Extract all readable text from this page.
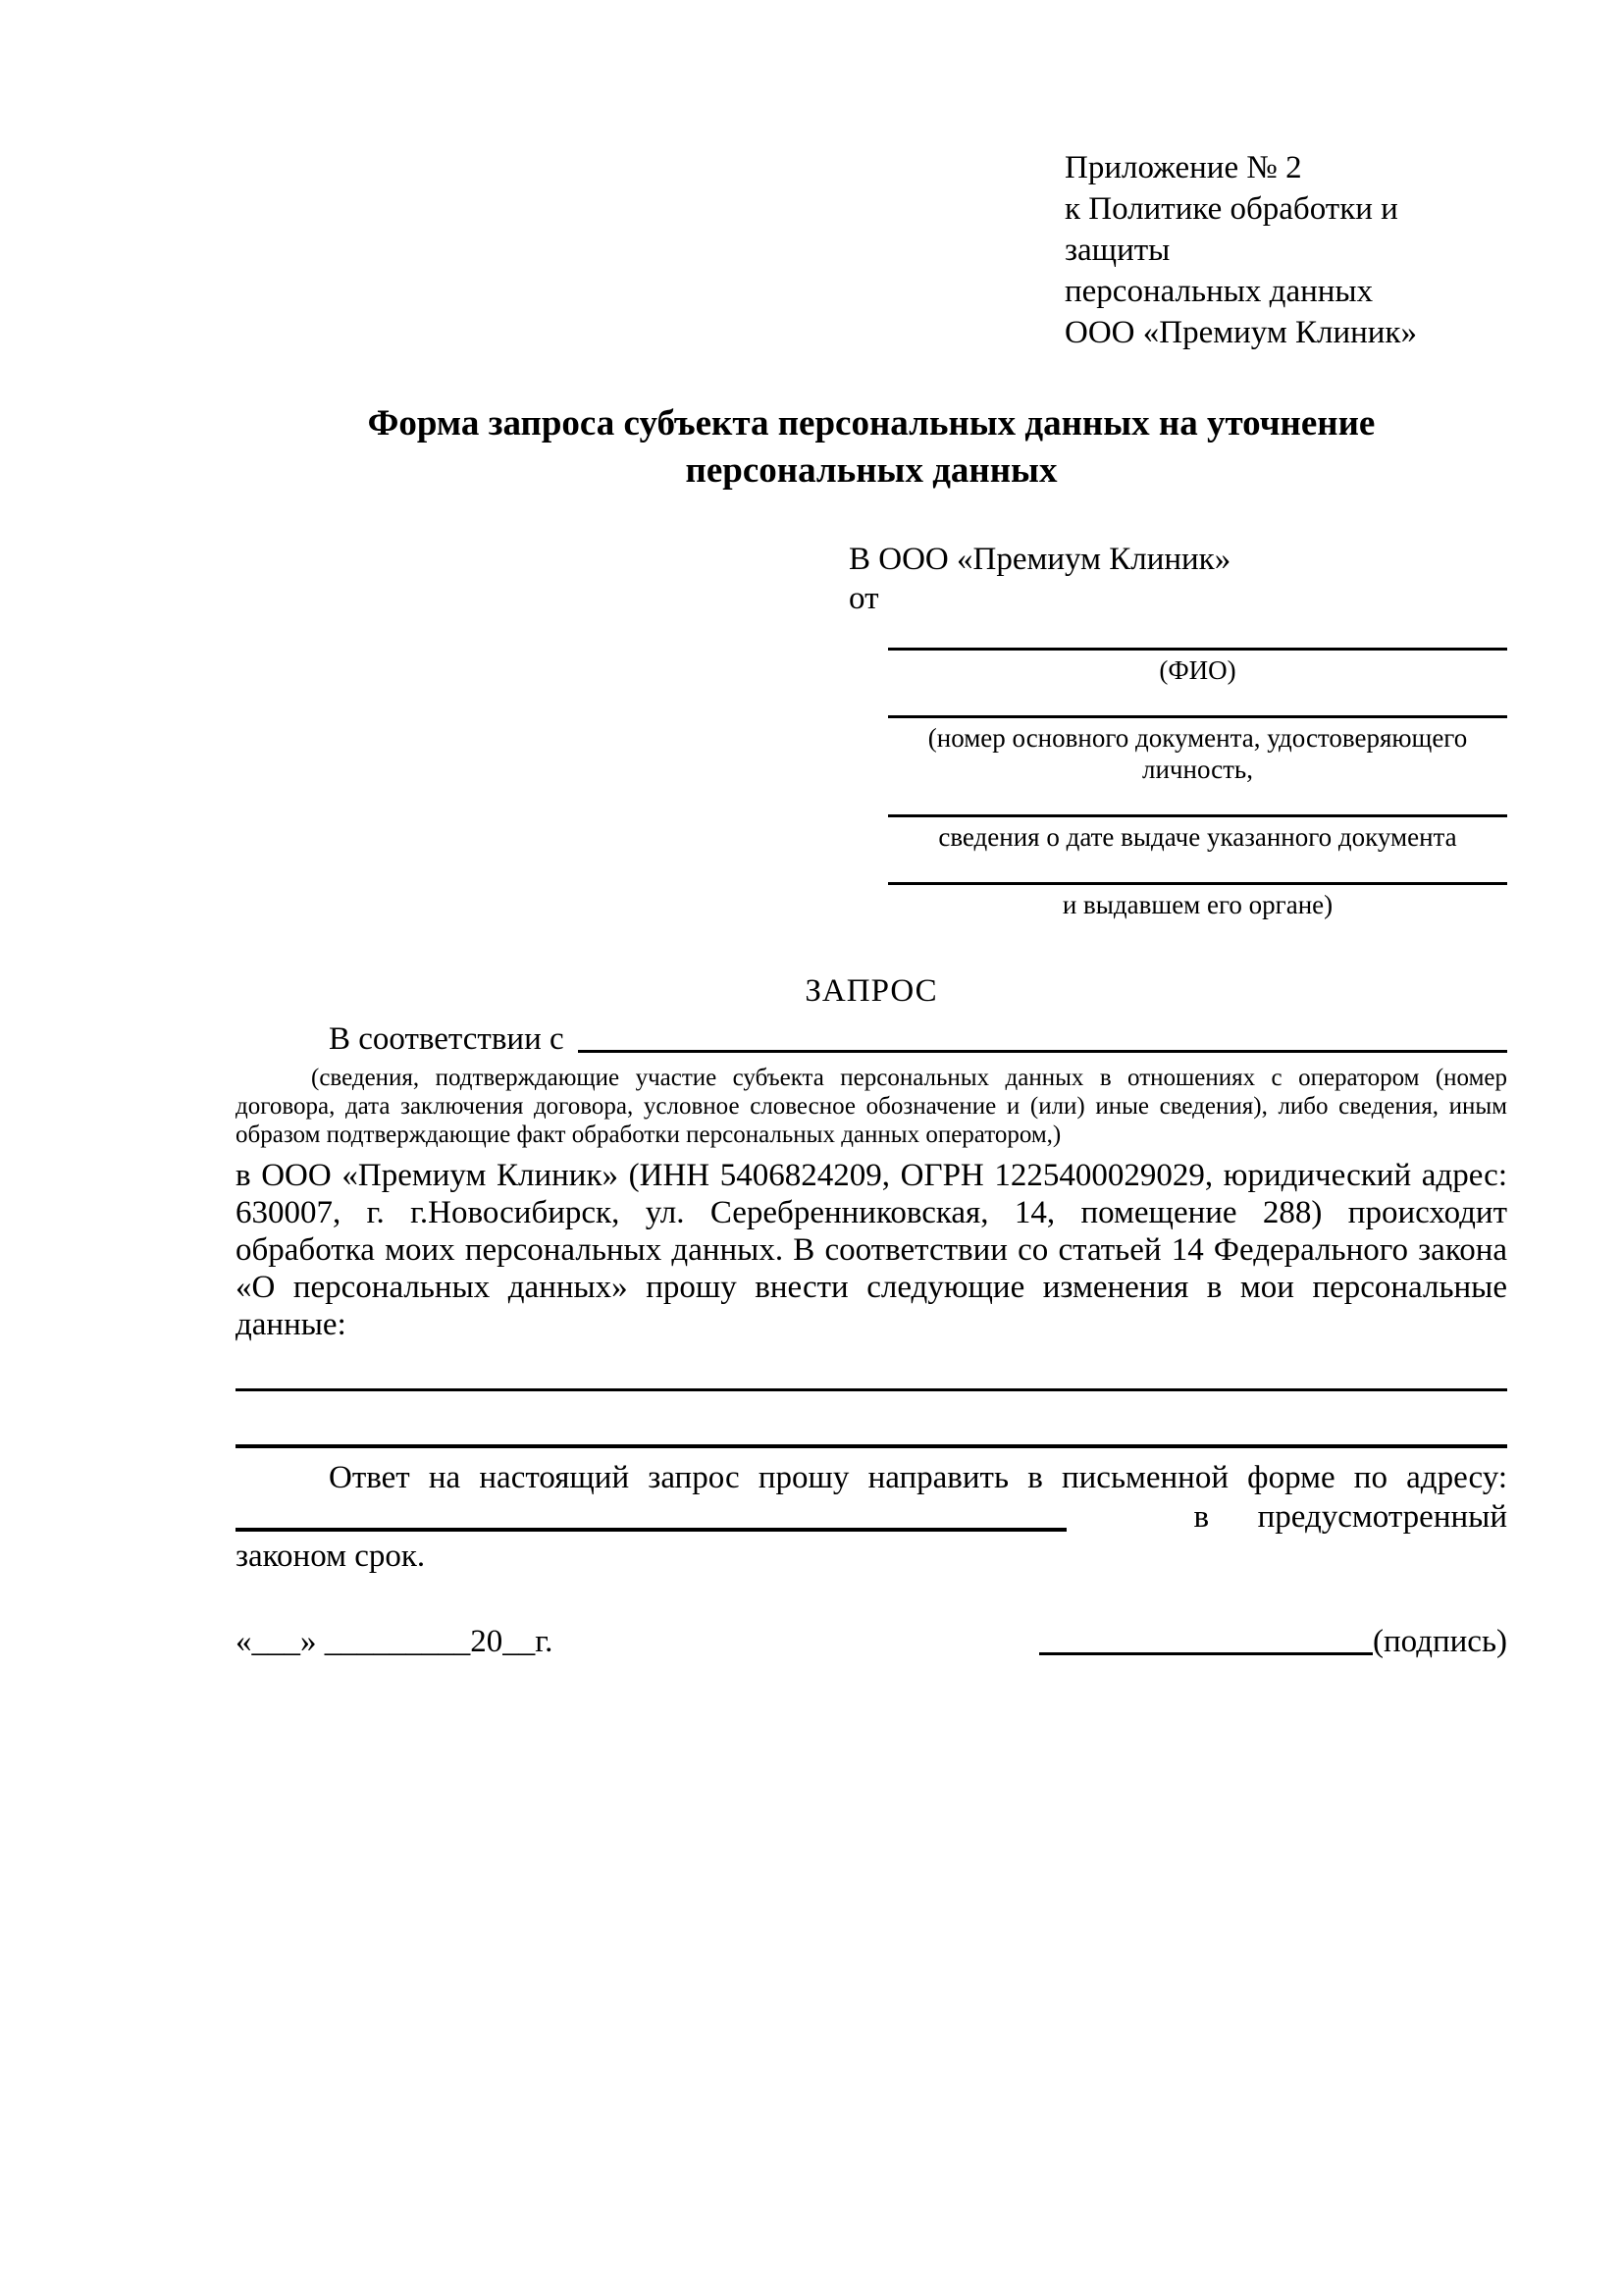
Приложение № 2
к Политике обработки и защиты
персональных данных
ООО «Премиум Клиник»
Форма запроса субъекта персональных данных на уточнение
персональных данных
В ООО «Премиум Клиник»
от
(ФИО)
(номер основного документа, удостоверяющего личность,
сведения о дате выдаче указанного документа
и выдавшем его органе)
ЗАПРОС
В соответствии с
(сведения, подтверждающие участие субъекта персональных данных в отношениях с оператором (номер договора, дата заключения договора, условное словесное обозначение и (или) иные сведения), либо сведения, иным образом подтверждающие факт обработки персональных данных оператором,)
в ООО «Премиум Клиник» (ИНН 5406824209, ОГРН 1225400029029, юридический адрес: 630007, г. г.Новосибирск, ул. Серебренниковская, 14, помещение 288) происходит обработка моих персональных данных. В соответствии со статьей 14 Федерального закона «О персональных данных» прошу внести следующие изменения в мои персональные данные:
Ответ на настоящий запрос прошу направить в письменной форме по адресу:
в предусмотренный
законом срок.
«___» _________20__г.	(подпись)
